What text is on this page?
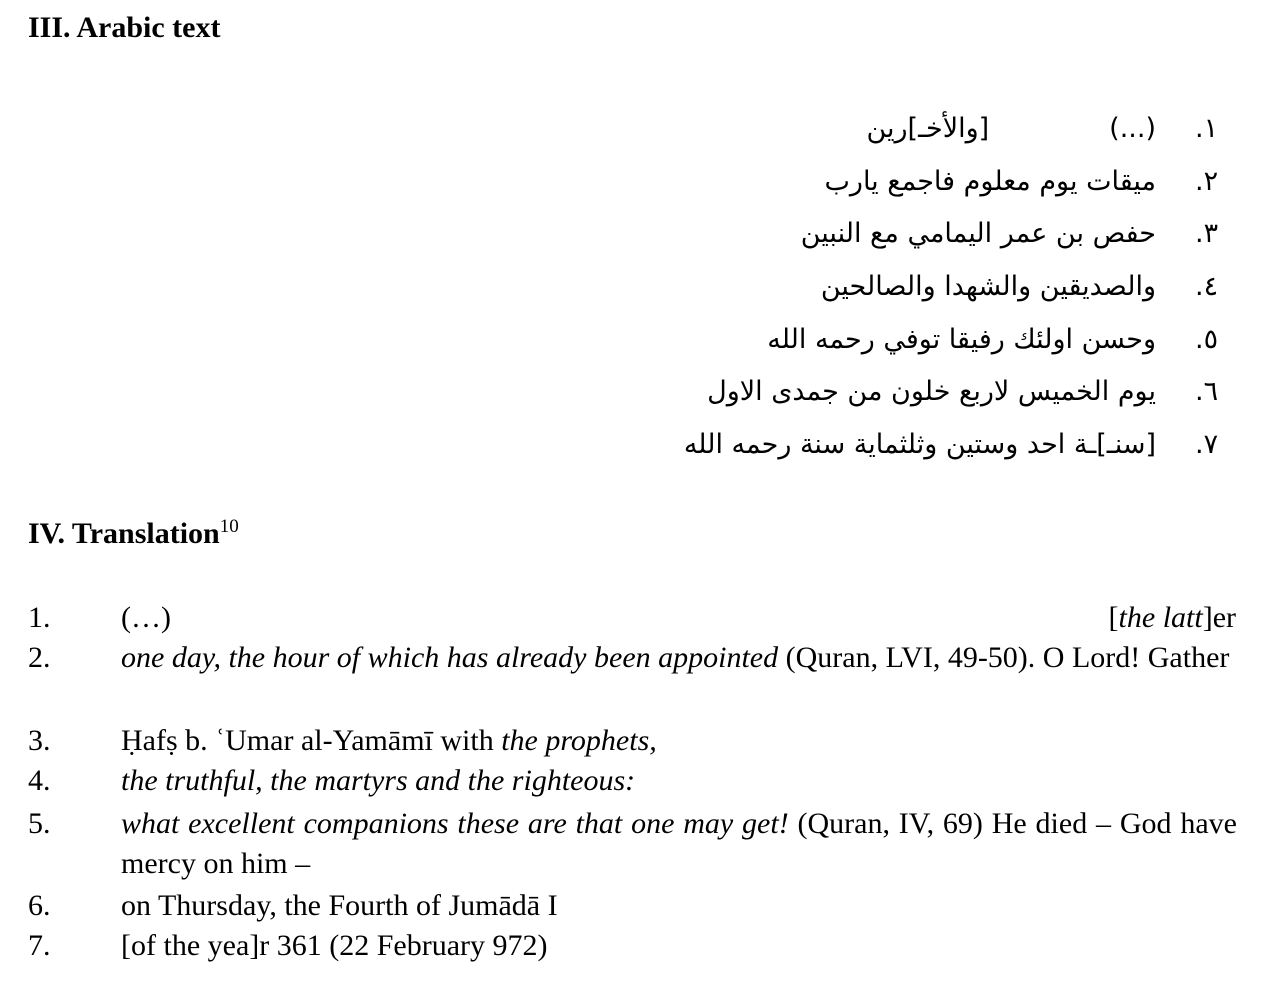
III. Arabic text
١.
(...)[والأخـ]رين
٢.
ميقات يوم معلوم فاجمع يارب
٣.
حفص بن عمر اليمامي مع النبين
٤.
والصديقين والشهدا والصالحين
٥.
وحسن اولئك رفيقا توفي رحمه الله
٦.
يوم الخميس لاربع خلون من جمدى الاول
٧.
[سنـ]ـة احد وستين وثلثماية سنة رحمه الله
IV. Translation$^{10}$
1. (…)	[the latt]er
2. one day, the hour of which has already been appointed (Quran, LVI, 49-50). O Lord! Gather
3. Ḥafṣ b. ʿUmar al-Yamāmī with the prophets,
4. the truthful, the martyrs and the righteous:
5. what excellent companions these are that one may get! (Quran, IV, 69) He died – God have mercy on him –
6. on Thursday, the Fourth of Jumādā I
7. [of the yea]r 361 (22 February 972)
